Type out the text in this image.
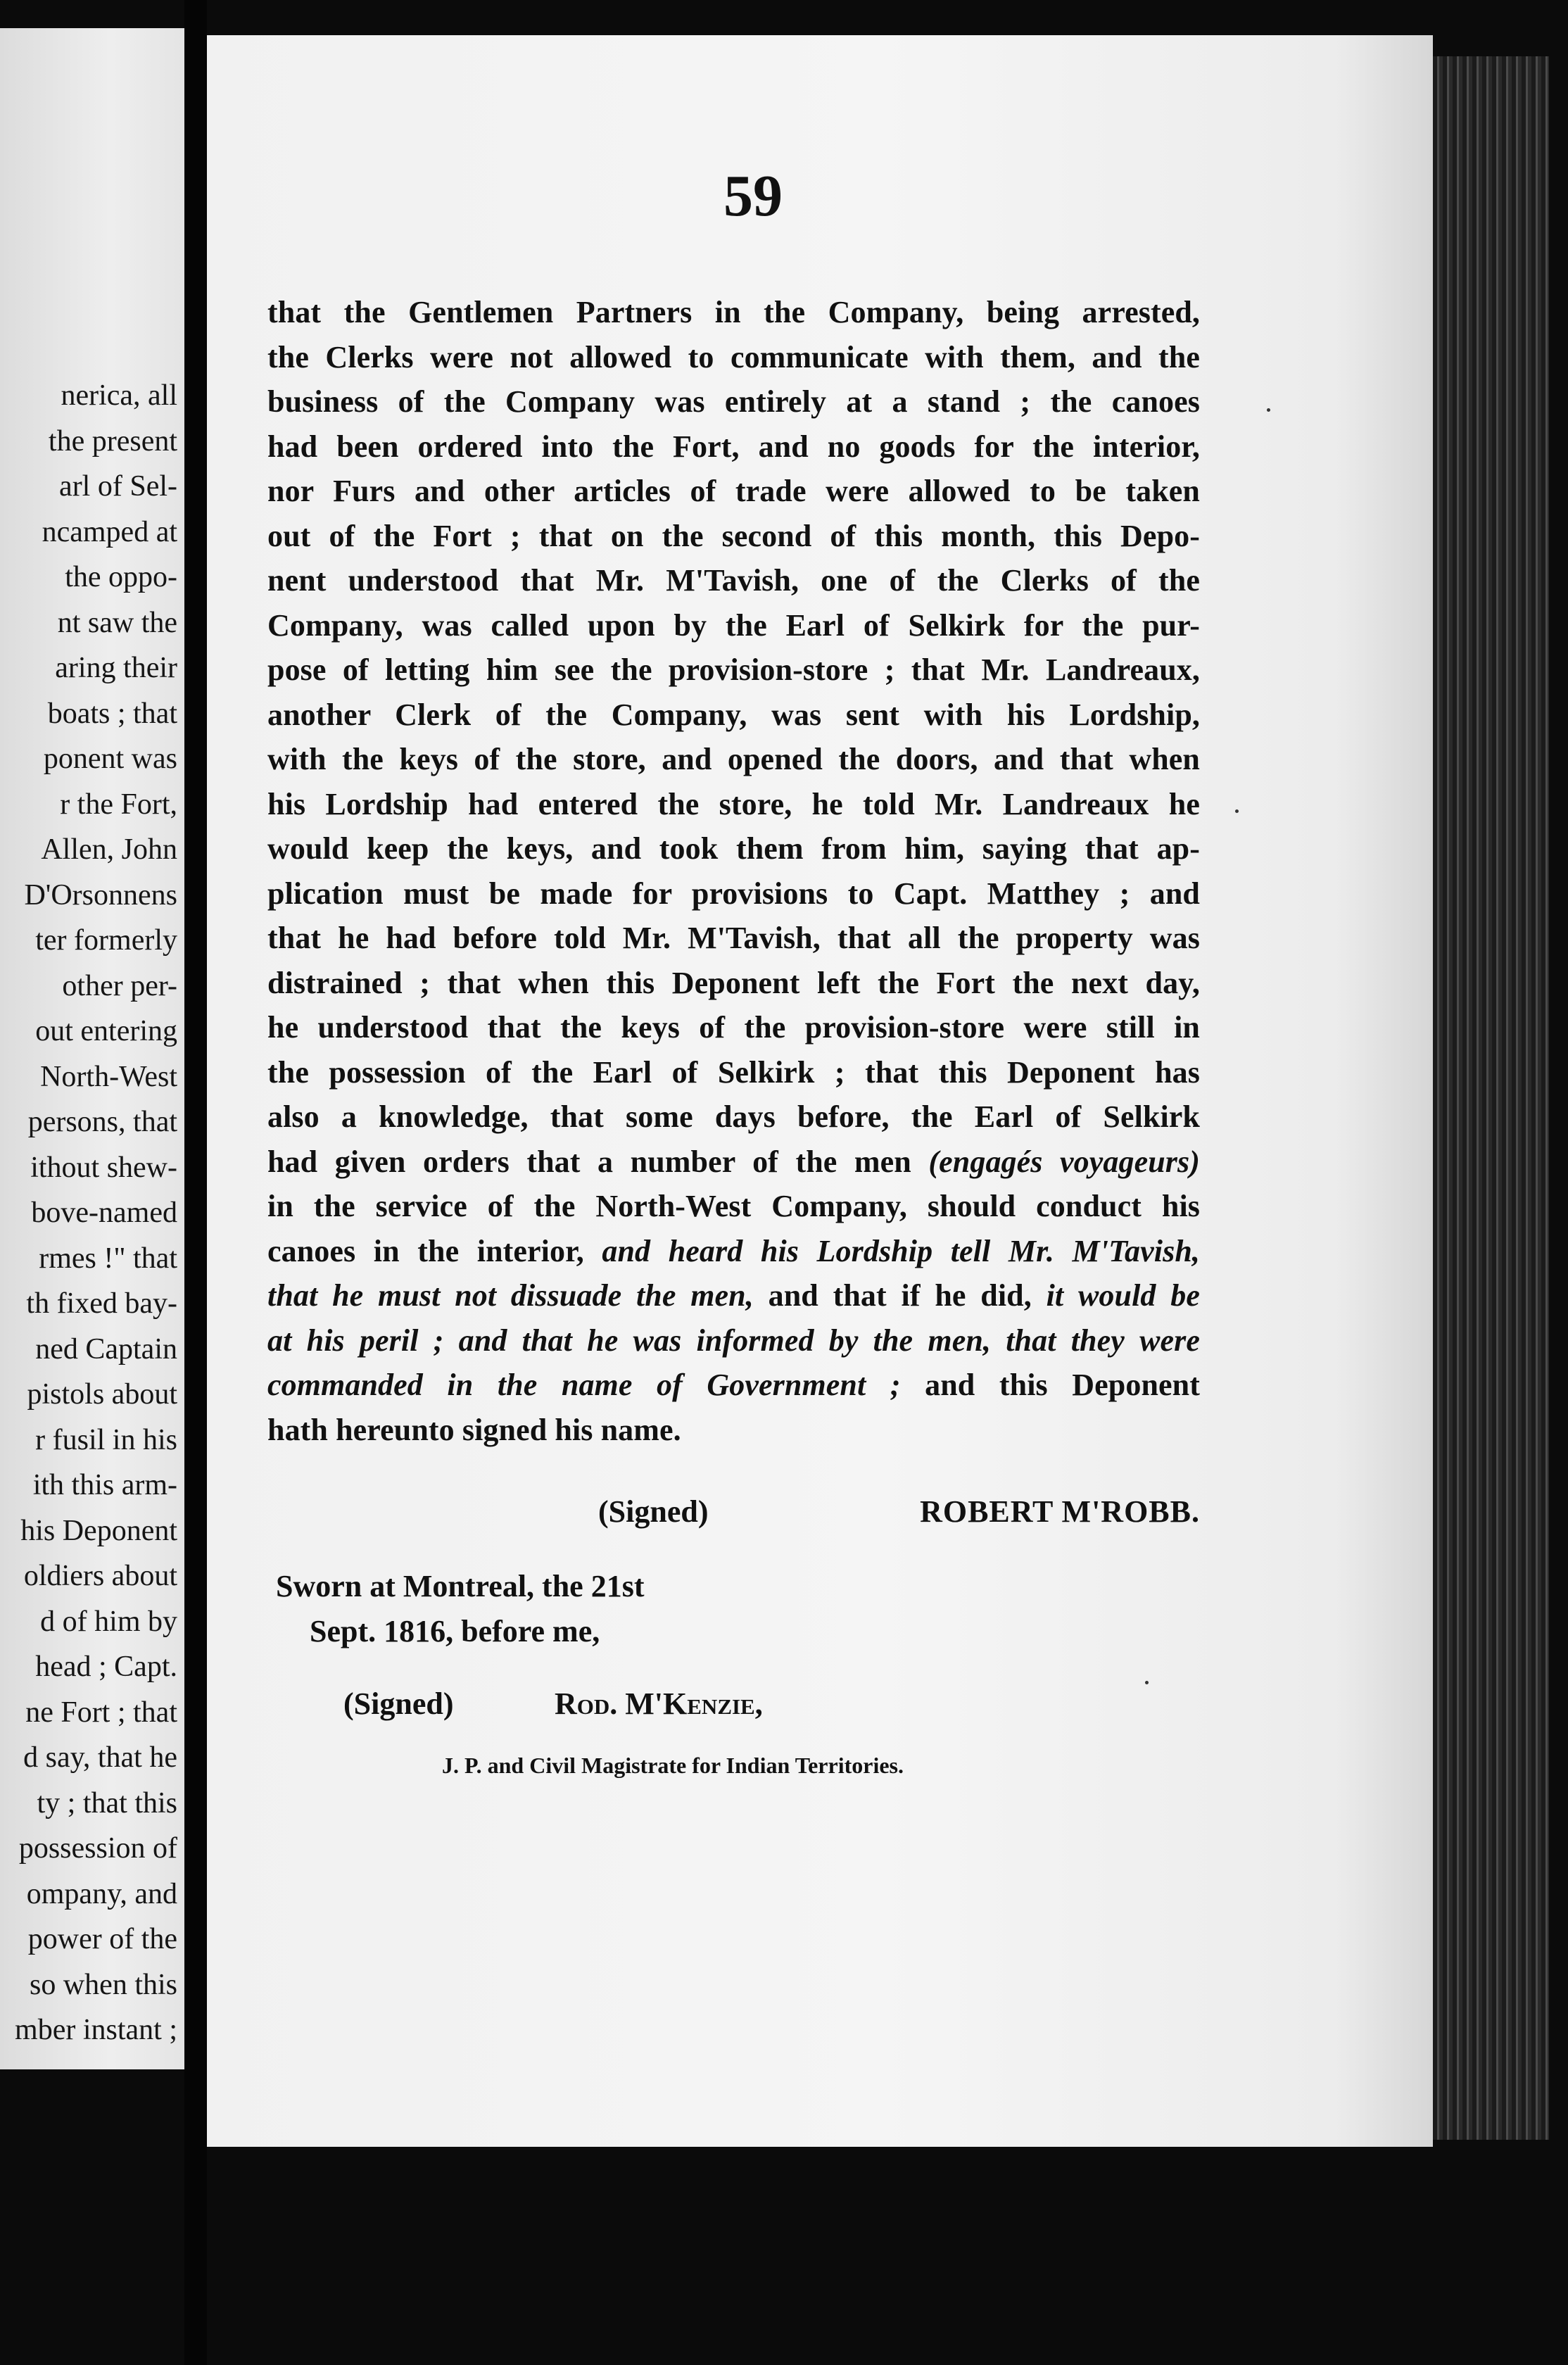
nerica, all
the present
arl of Sel-
ncamped at
the oppo-
nt saw the
aring their
boats ; that
ponent was
r the Fort,
Allen, John
D'Orsonnens
ter formerly
other per-
out entering
North-West
persons, that
ithout shew-
bove-named
rmes !" that
th fixed bay-
ned Captain
pistols about
r fusil in his
ith this arm-
his Deponent
oldiers about
d of him by
head ; Capt.
ne Fort ; that
d say, that he
ty ; that this
possession of
ompany, and
power of the
so when this
mber instant ;
59
that the Gentlemen Partners in the Company, being arrested,
the Clerks were not allowed to communicate with them, and the
business of the Company was entirely at a stand ; the canoes
had been ordered into the Fort, and no goods for the interior,
nor Furs and other articles of trade were allowed to be taken
out of the Fort ; that on the second of this month, this Depo-
nent understood that Mr. M'Tavish, one of the Clerks of the
Company, was called upon by the Earl of Selkirk for the pur-
pose of letting him see the provision-store ; that Mr. Landreaux,
another Clerk of the Company, was sent with his Lordship,
with the keys of the store, and opened the doors, and that when
his Lordship had entered the store, he told Mr. Landreaux he
would keep the keys, and took them from him, saying that ap-
plication must be made for provisions to Capt. Matthey ; and
that he had before told Mr. M'Tavish, that all the property was
distrained ; that when this Deponent left the Fort the next day,
he understood that the keys of the provision-store were still in
the possession of the Earl of Selkirk ; that this Deponent has
also a knowledge, that some days before, the Earl of Selkirk
had given orders that a number of the men (engagés voyageurs)
in the service of the North-West Company, should conduct his
canoes in the interior, and heard his Lordship tell Mr. M'Tavish,
that he must not dissuade the men, and that if he did, it would be
at his peril ; and that he was informed by the men, that they were
commanded in the name of Government ; and this Deponent
hath hereunto signed his name.
(Signed)	ROBERT M'ROBB.
Sworn at Montreal, the 21st
Sept. 1816, before me,
(Signed)	Rod. M'Kenzie,
J. P. and Civil Magistrate for Indian Territories.
